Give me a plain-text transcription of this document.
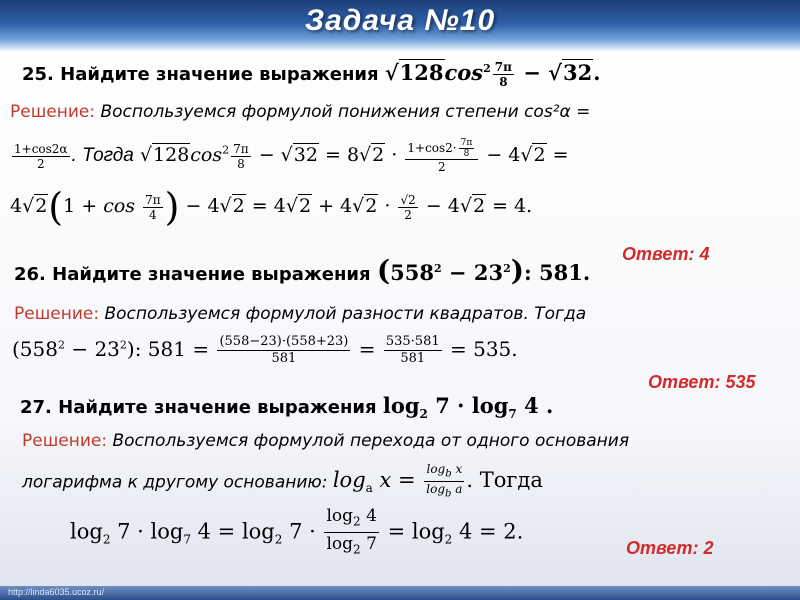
Задача №10
25. Найдите значение выражения $√128\cos^2 \frac{7\pi}{8} - √32$.
Решение: Воспользуемся формулой понижения степени cos²α =
$\frac{1+\cos 2\alpha}{2}$ . Тогда $√128\cos^2 \frac{7\pi}{8} - √32 = 8√2 \cdot \frac{1+\cos 2\cdot \frac{7\pi}{8}}{2} - 4√2$ =
$4√2(1 + \cos \frac{7\pi}{4}$ ) − $4√2 = 4√2 + 4√2 \cdot \frac{√2}{2} - 4√2 = 4$.
Ответ: 4
26. Найдите значение выражения $(558^2 - 23^2)$: 581.
Решение: Воспользуемся формулой разности квадратов. Тогда
$(558^2 - 23^2)$: $581 = \frac{(558-23)\cdot(558+23)}{581} = \frac{535\cdot 581}{581} = 535$.
Ответ: 535
27. Найдите значение выражения $\log_2 7 \cdot \log_7 4$ .
Решение: Воспользуемся формулой перехода от одного основания
логарифма к другому основанию: $\log_a x = \frac{\log_b x}{\log_b a}$ . Тогда
$\log_2 7 \cdot \log_7 4 = \log_2 7 \cdot \frac{\log_2 4}{\log_2 7} = \log_2 4 = 2$.
Ответ: 2
http://linda6035.ucoz.ru/
